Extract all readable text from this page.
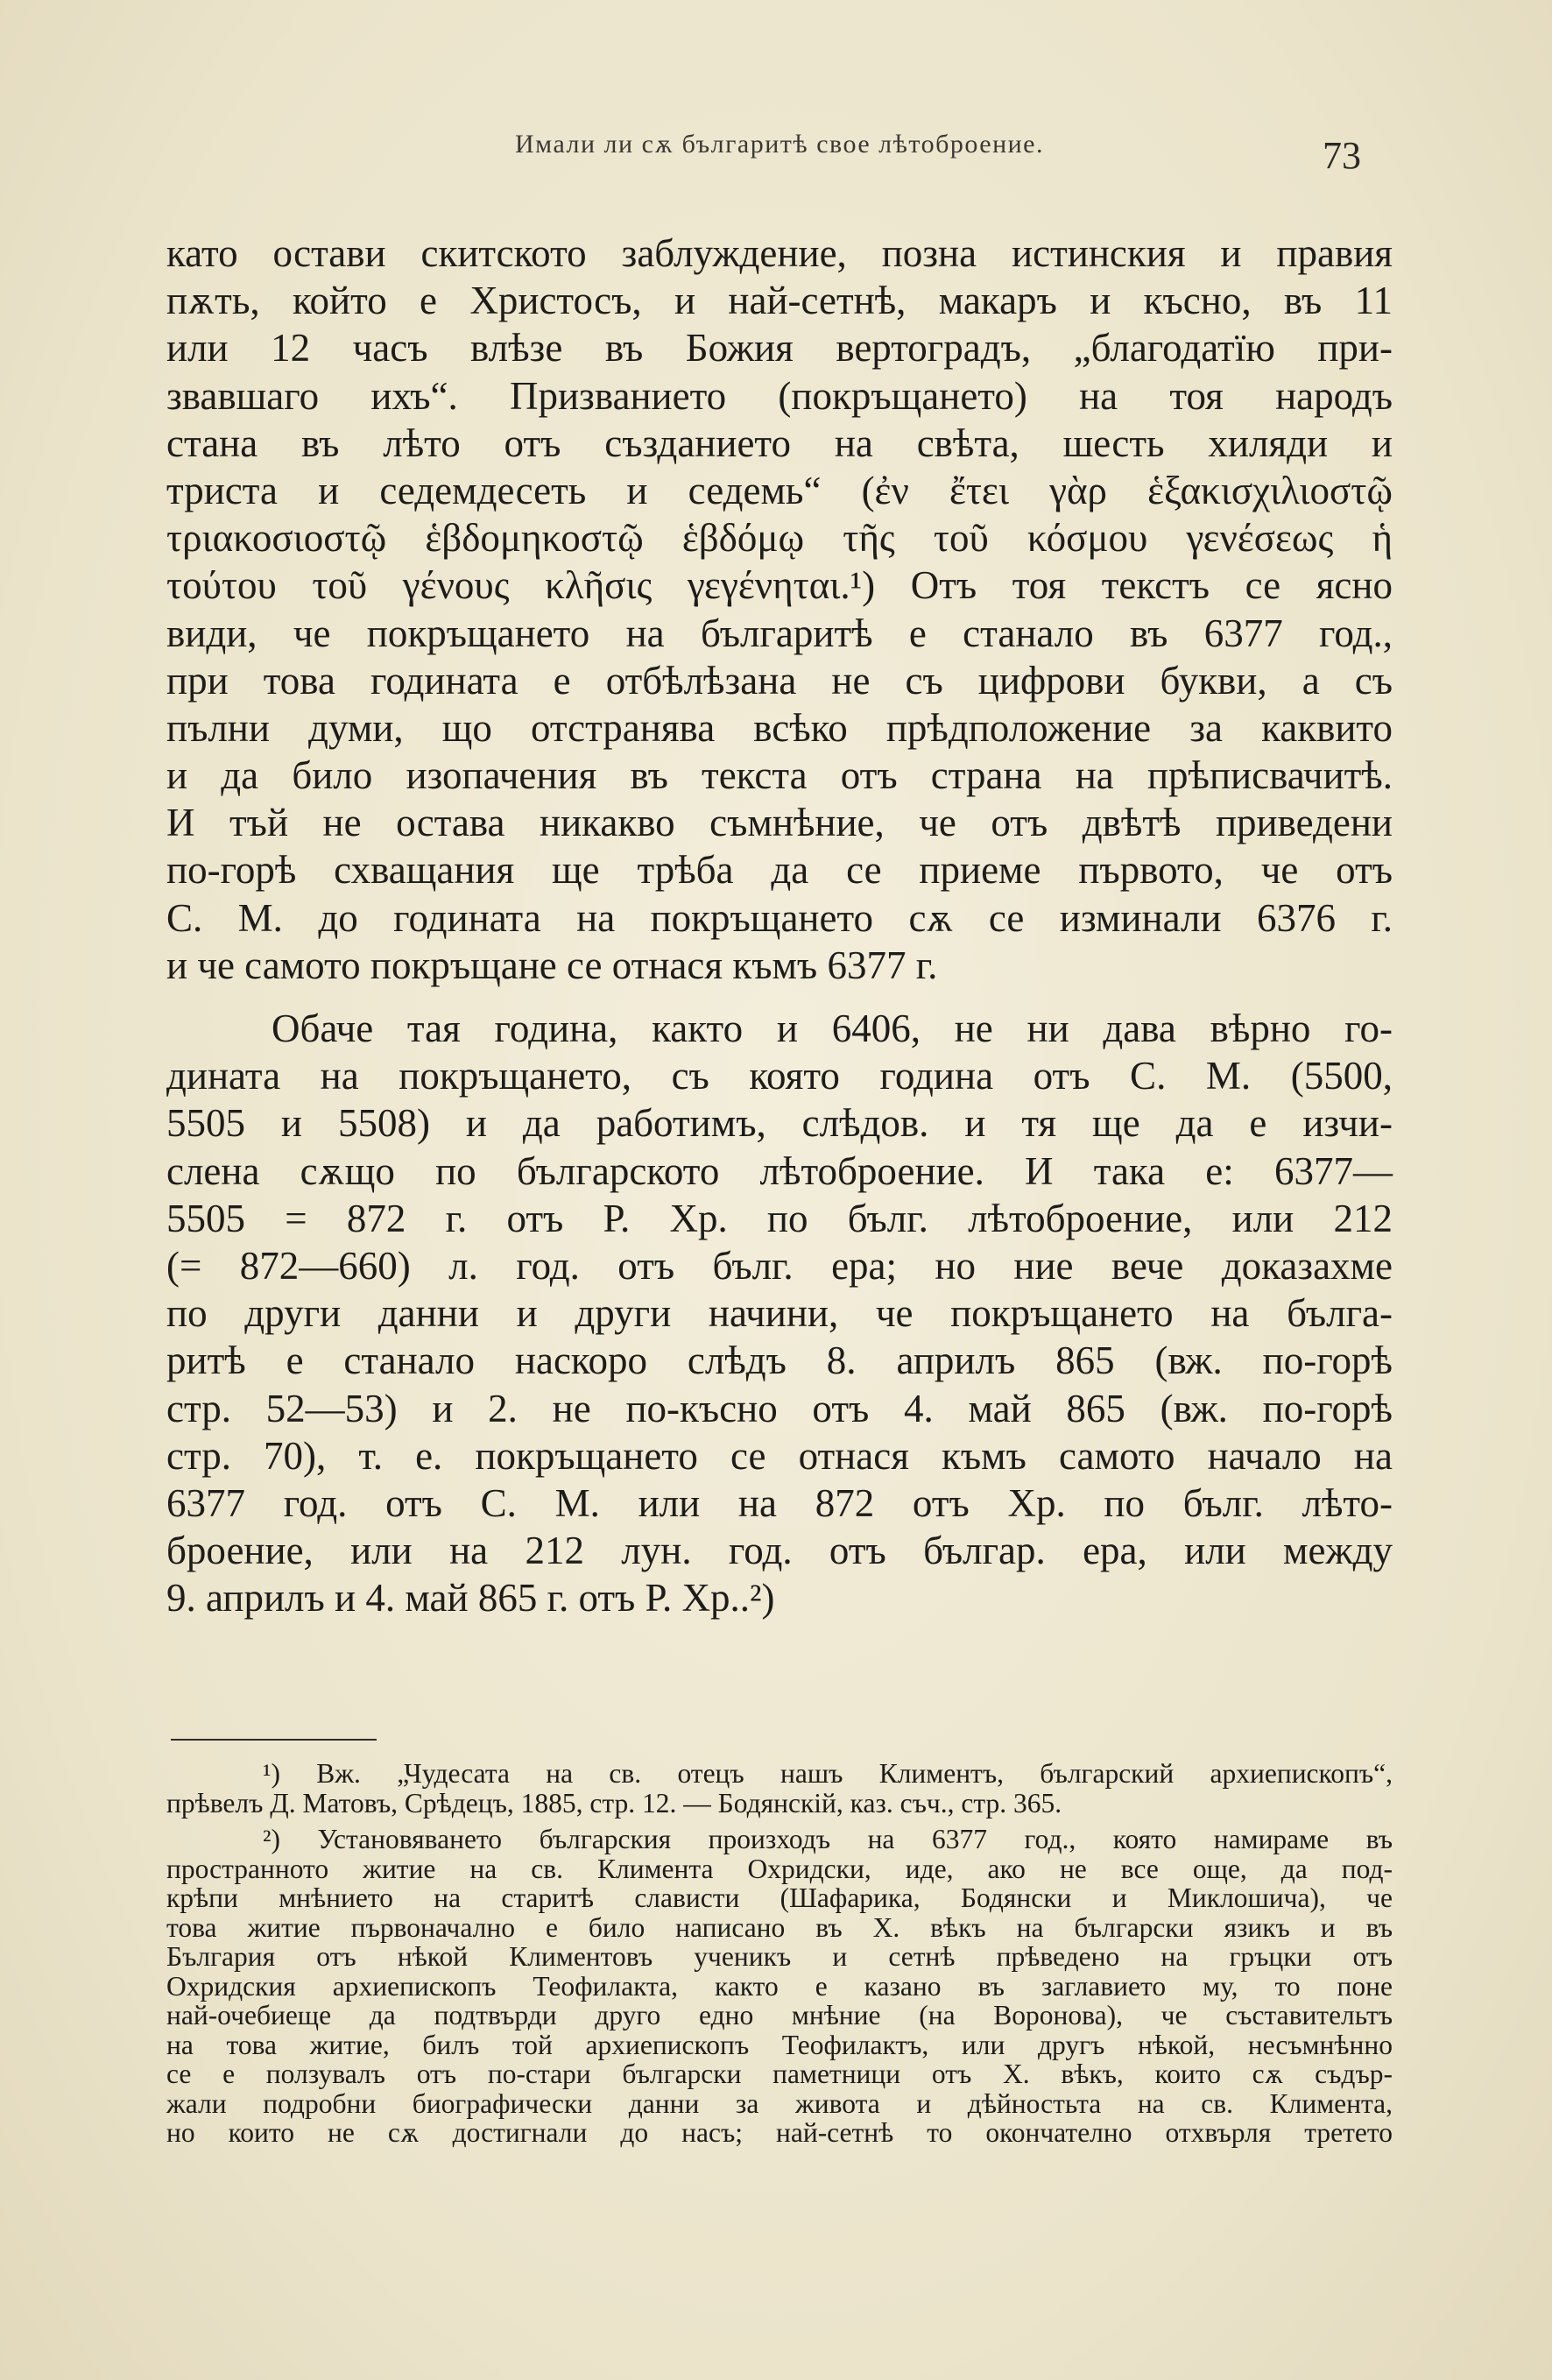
Имали ли сѫ българитѣ свое лѣтоброение.	73
като остави скитското заблуждение, позна истинския и правия
пѫть, който е Христосъ, и най-сетнѣ, макаръ и късно, въ 11
или 12 часъ влѣзе въ Божия вертоградъ, „благодатїю при-
звавшаго ихъ“. Призванието (покръщането) на тоя народъ
стана въ лѣто отъ създанието на свѣта, шесть хиляди и
триста и седемдесеть и седемь“ (ἐν ἔτει γὰρ ἑξακισχιλιοστῷ
τριακοσιοστῷ ἑβδομηκοστῷ ἑβδόμῳ τῆς τοῦ κόσμου γενέσεως ἡ
τούτου τοῦ γένους κλῆσις γεγένηται.¹) Отъ тоя текстъ се ясно
види, че покръщането на българитѣ е станало въ 6377 год.,
при това годината е отбѣлѣзана не съ цифрови букви, а съ
пълни думи, що отстранява всѣко прѣдположение за каквито
и да било изопачения въ текста отъ страна на прѣписвачитѣ.
И тъй не остава никакво съмнѣние, че отъ двѣтѣ приведени
по-горѣ схващания ще трѣба да се приеме първото, че отъ
С. М. до годината на покръщането сѫ се изминали 6376 г.
и че самото покръщане се отнася къмъ 6377 г.
Обаче тая година, както и 6406, не ни дава вѣрно го-
дината на покръщането, съ която година отъ С. М. (5500,
5505 и 5508) и да работимъ, слѣдов. и тя ще да е изчи-
слена сѫщо по българското лѣтоброение. И така е: 6377—
5505 = 872 г. отъ Р. Хр. по бълг. лѣтоброение, или 212
(= 872—660) л. год. отъ бълг. ера; но ние вече доказахме
по други данни и други начини, че покръщането на бълга-
ритѣ е станало наскоро слѣдъ 8. априлъ 865 (вж. по-горѣ
стр. 52—53) и 2. не по-късно отъ 4. май 865 (вж. по-горѣ
стр. 70), т. е. покръщането се отнася къмъ самото начало на
6377 год. отъ С. М. или на 872 отъ Хр. по бълг. лѣто-
броение, или на 212 лун. год. отъ българ. ера, или между
9. априлъ и 4. май 865 г. отъ Р. Хр..²)
¹) Вж. „Чудесата на св. отецъ нашъ Климентъ, българский архиепископъ“,
прѣвелъ Д. Матовъ, Срѣдецъ, 1885, стр. 12. — Бодянскій, каз. съч., стр. 365.
²) Установяването българския произходъ на 6377 год., която намираме въ
пространното житие на св. Климента Охридски, иде, ако не все още, да под-
крѣпи мнѣнието на старитѣ слависти (Шафарика, Бодянски и Миклошича), че
това житие първоначално е било написано въ X. вѣкъ на български язикъ и въ
България отъ нѣкой Климентовъ ученикъ и сетнѣ прѣведено на гръцки отъ
Охридския архиепископъ Теофилакта, както е казано въ заглавието му, то поне
най-очебиеще да подтвърди друго едно мнѣние (на Воронова), че съставительтъ
на това житие, билъ той архиепископъ Теофилактъ, или другъ нѣкой, несъмнѣнно
се е ползувалъ отъ по-стари български паметници отъ X. вѣкъ, които сѫ съдър-
жали подробни биографически данни за живота и дѣйностьта на св. Климента,
но които не сѫ достигнали до насъ; най-сетнѣ то окончателно отхвърля третето
